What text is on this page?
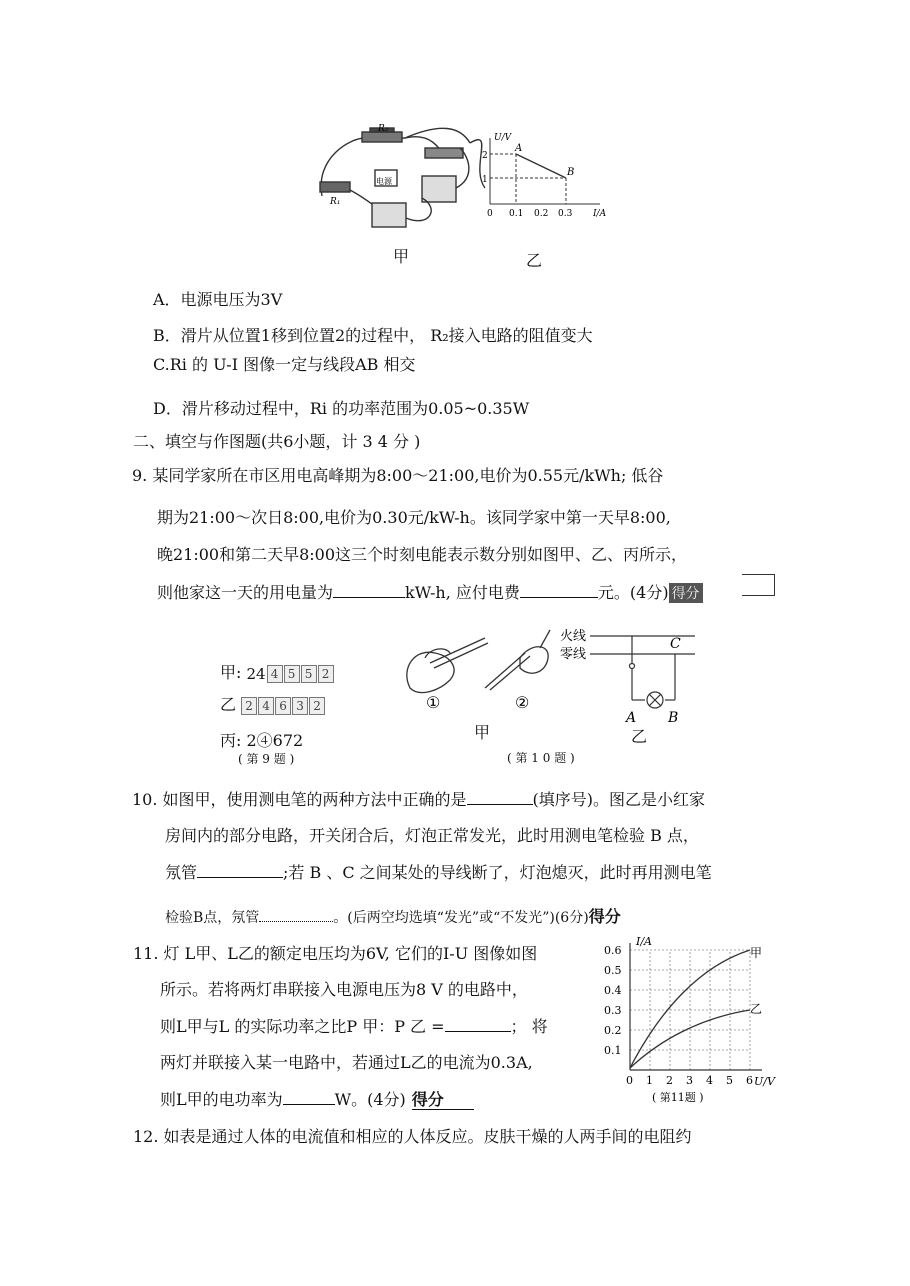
R₂
R₁
电源
U/V
I/A
2
1
0 0.1 0.2 0.3
A
B
甲	乙
A．电源电压为3V
B．滑片从位置1移到位置2的过程中， R₂接入电路的阻值变大
C.Ri 的 U-I 图像一定与线段AB 相交
D．滑片移动过程中，Ri 的功率范围为0.05~0.35W
二、填空与作图题(共6小题，计 3 4 分 )
9. 某同学家所在市区用电高峰期为8:00～21:00,电价为0.55元/kWh; 低谷
期为21:00～次日8:00,电价为0.30元/kW-h。该同学家中第一天早8:00,
晚21:00和第二天早8:00这三个时刻电能表示数分别如图甲、乙、丙所示，
则他家这一天的用电量为	kW-h, 应付电费	元。(4分) 得分
甲: 24 4 5 5 2
乙 2 4 6 3 2
丙: 2④672
( 第 9 题 )
①	②
火线
零线
C
A B
甲	乙
( 第 1 0 题 )
10. 如图甲，使用测电笔的两种方法中正确的是	(填序号)。图乙是小红家
房间内的部分电路，开关闭合后，灯泡正常发光，此时用测电笔检验 B 点，
氖管	;若 B 、C 之间某处的导线断了，灯泡熄灭，此时再用测电笔
检验B点，氖管	。(后两空均选填“发光”或“不发光”)(6分)得分
11. 灯 L甲、L乙的额定电压均为6V, 它们的I-U 图像如图
所示。若将两灯串联接入电源电压为8 V 的电路中，
则L甲与L 的实际功率之比P 甲：P 乙 =	； 将
两灯并联接入某一电路中，若通过L乙的电流为0.3A,
则L甲的电功率为	W。(4分) 得分
I/A
U/V
0.6
0.5
0.4
0.3
0.2
0.1
0 1 2 3 4 5 6
甲
乙
( 第11题 )
12. 如表是通过人体的电流值和相应的人体反应。皮肤干燥的人两手间的电阻约
